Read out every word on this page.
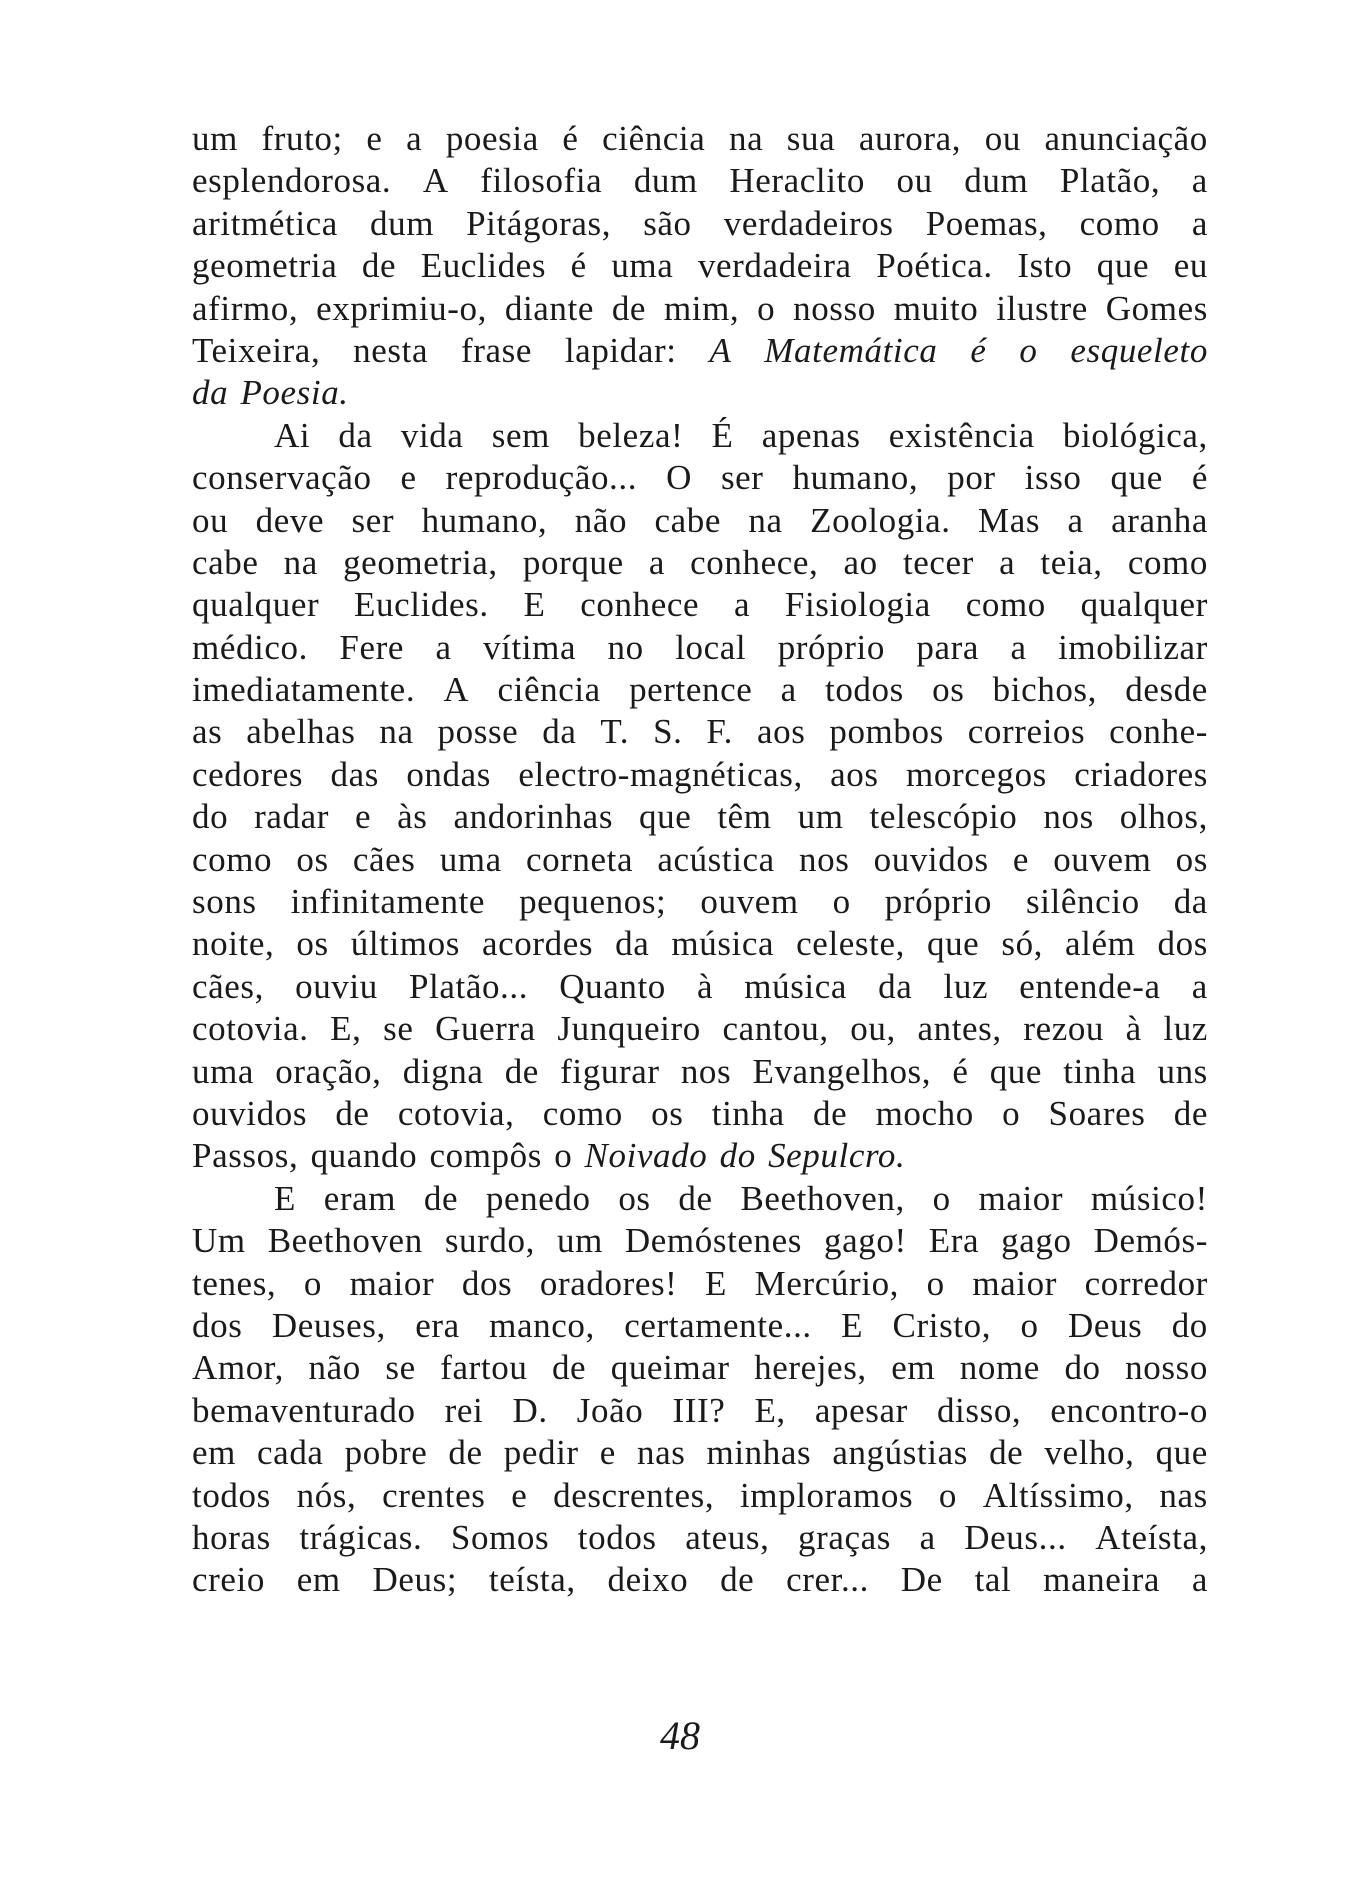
um fruto; e a poesia é ciência na sua aurora, ou anunciação
esplendorosa. A filosofia dum Heraclito ou dum Platão, a
aritmética dum Pitágoras, são verdadeiros Poemas, como a
geometria de Euclides é uma verdadeira Poética. Isto que eu
afirmo, exprimiu-o, diante de mim, o nosso muito ilustre Gomes
Teixeira, nesta frase lapidar: A Matemática é o esqueleto
da Poesia.
Ai da vida sem beleza! É apenas existência biológica,
conservação e reprodução... O ser humano, por isso que é
ou deve ser humano, não cabe na Zoologia. Mas a aranha
cabe na geometria, porque a conhece, ao tecer a teia, como
qualquer Euclides. E conhece a Fisiologia como qualquer
médico. Fere a vítima no local próprio para a imobilizar
imediatamente. A ciência pertence a todos os bichos, desde
as abelhas na posse da T. S. F. aos pombos correios conhe-
cedores das ondas electro-magnéticas, aos morcegos criadores
do radar e às andorinhas que têm um telescópio nos olhos,
como os cães uma corneta acústica nos ouvidos e ouvem os
sons infinitamente pequenos; ouvem o próprio silêncio da
noite, os últimos acordes da música celeste, que só, além dos
cães, ouviu Platão... Quanto à música da luz entende-a a
cotovia. E, se Guerra Junqueiro cantou, ou, antes, rezou à luz
uma oração, digna de figurar nos Evangelhos, é que tinha uns
ouvidos de cotovia, como os tinha de mocho o Soares de
Passos, quando compôs o Noivado do Sepulcro.
E eram de penedo os de Beethoven, o maior músico!
Um Beethoven surdo, um Demóstenes gago! Era gago Demós-
tenes, o maior dos oradores! E Mercúrio, o maior corredor
dos Deuses, era manco, certamente... E Cristo, o Deus do
Amor, não se fartou de queimar herejes, em nome do nosso
bemaventurado rei D. João III? E, apesar disso, encontro-o
em cada pobre de pedir e nas minhas angústias de velho, que
todos nós, crentes e descrentes, imploramos o Altíssimo, nas
horas trágicas. Somos todos ateus, graças a Deus... Ateísta,
creio em Deus; teísta, deixo de crer... De tal maneira a
48
